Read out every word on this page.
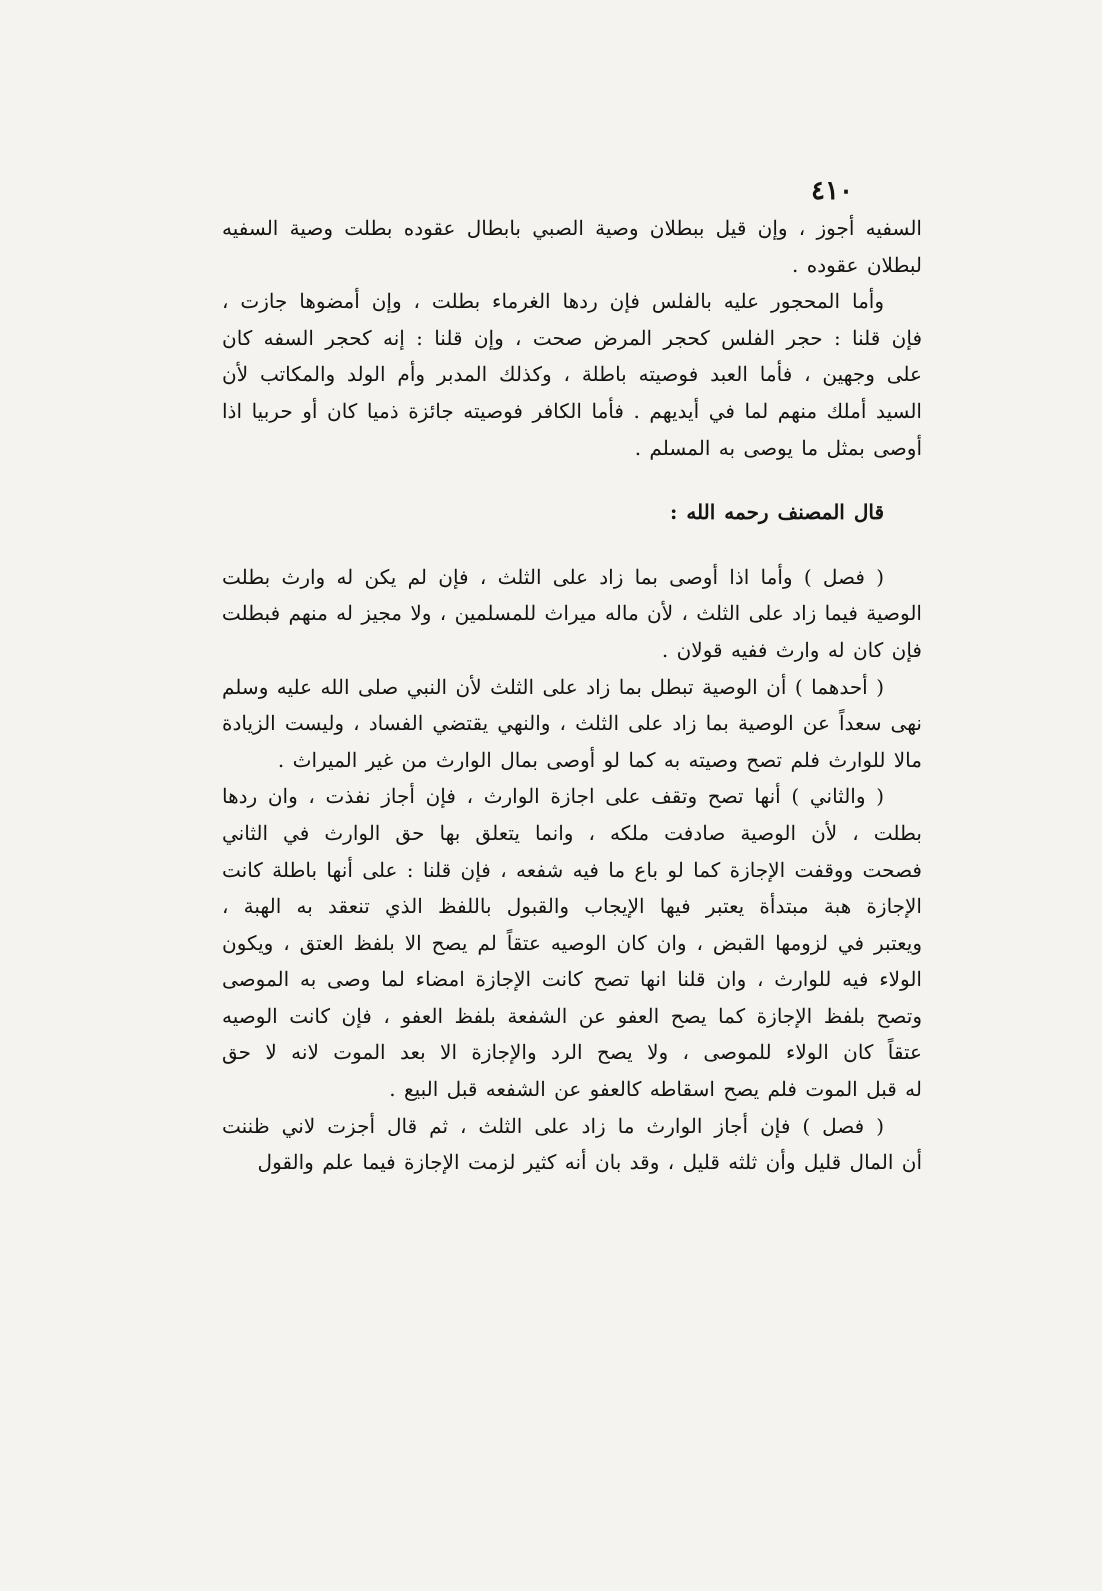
٤١٠
السفيه أجوز ، وإن قيل ببطلان وصية الصبي بابطال عقوده بطلت وصية السفيه
لبطلان عقوده .
وأما المحجور عليه بالفلس فإن ردها الغرماء بطلت ، وإن أمضوها جازت ،
فإن قلنا : حجر الفلس كحجر المرض صحت ، وإن قلنا : إنه كحجر السفه كان
على وجهين ، فأما العبد فوصيته باطلة ، وكذلك المدبر وأم الولد والمكاتب لأن
السيد أملك منهم لما في أيديهم . فأما الكافر فوصيته جائزة ذميا كان أو حربيا اذا
أوصى بمثل ما يوصى به المسلم .
قال المصنف رحمه الله :
( فصل ) وأما اذا أوصى بما زاد على الثلث ، فإن لم يكن له وارث بطلت
الوصية فيما زاد على الثلث ، لأن ماله ميراث للمسلمين ، ولا مجيز له منهم فبطلت
فإن كان له وارث ففيه قولان .
( أحدهما ) أن الوصية تبطل بما زاد على الثلث لأن النبي صلى الله عليه وسلم
نهى سعداً عن الوصية بما زاد على الثلث ، والنهي يقتضي الفساد ، وليست الزيادة
مالا للوارث فلم تصح وصيته به كما لو أوصى بمال الوارث من غير الميراث .
( والثاني ) أنها تصح وتقف على اجازة الوارث ، فإن أجاز نفذت ، وان ردها
بطلت ، لأن الوصية صادفت ملكه ، وانما يتعلق بها حق الوارث في الثاني
فصحت ووقفت الإجازة كما لو باع ما فيه شفعه ، فإن قلنا : على أنها باطلة كانت
الإجازة هبة مبتدأة يعتبر فيها الإيجاب والقبول باللفظ الذي تنعقد به الهبة ،
ويعتبر في لزومها القبض ، وان كان الوصيه عتقاً لم يصح الا بلفظ العتق ، ويكون
الولاء فيه للوارث ، وان قلنا انها تصح كانت الإجازة امضاء لما وصى به الموصى
وتصح بلفظ الإجازة كما يصح العفو عن الشفعة بلفظ العفو ، فإن كانت الوصيه
عتقاً كان الولاء للموصى ، ولا يصح الرد والإجازة الا بعد الموت لانه لا حق
له قبل الموت فلم يصح اسقاطه كالعفو عن الشفعه قبل البيع .
( فصل ) فإن أجاز الوارث ما زاد على الثلث ، ثم قال أجزت لاني ظننت
أن المال قليل وأن ثلثه قليل ، وقد بان أنه كثير لزمت الإجازة فيما علم والقول
